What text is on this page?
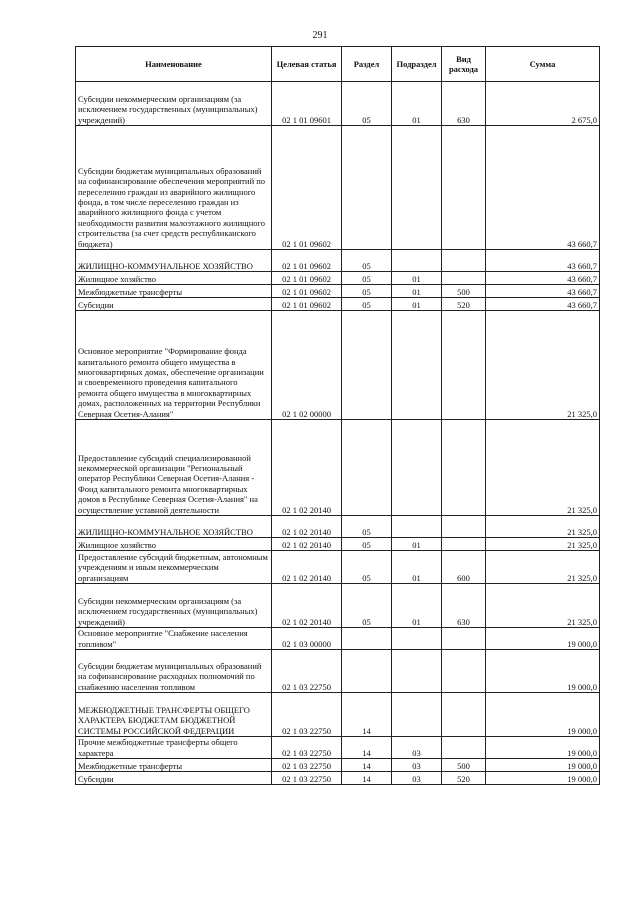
291
Наименование	Целевая статья	Раздел	Подраздел	Вид расхода	Сумма
Субсидии некоммерческим организациям (за исключением государственных (муниципальных) учреждений)	02 1 01 09601	05	01	630	2 675,0
Субсидии бюджетам муниципальных образований на софинансирование обеспечения мероприятий по переселению граждан из аварийного жилищного фонда, в том числе переселению граждан из аварийного жилищного фонда с учетом необходимости развития малоэтажного жилищного строительства (за счет средств республиканского бюджета)	02 1 01 09602				43 660,7
ЖИЛИЩНО-КОММУНАЛЬНОЕ ХОЗЯЙСТВО	02 1 01 09602	05			43 660,7
Жилищное хозяйство	02 1 01 09602	05	01		43 660,7
Межбюджетные трансферты	02 1 01 09602	05	01	500	43 660,7
Субсидии	02 1 01 09602	05	01	520	43 660,7
Основное мероприятие "Формирование фонда капитального ремонта общего имущества в многоквартирных домах, обеспечение организации и своевременного проведения капитального ремонта общего имущества в многоквартирных домах, расположенных на территории Республики Северная Осетия-Алания"	02 1 02 00000				21 325,0
Предоставление субсидий специализированной некоммерческой организации "Региональный оператор Республики Северная Осетия-Алания - Фонд капитального ремонта многоквартирных домов в Республике Северная Осетия-Алания" на осуществление уставной деятельности	02 1 02 20140				21 325,0
ЖИЛИЩНО-КОММУНАЛЬНОЕ ХОЗЯЙСТВО	02 1 02 20140	05			21 325,0
Жилищное хозяйство	02 1 02 20140	05	01		21 325,0
Предоставление субсидий бюджетным, автономным учреждениям и иным некоммерческим организациям	02 1 02 20140	05	01	600	21 325,0
Субсидии некоммерческим организациям (за исключением государственных (муниципальных) учреждений)	02 1 02 20140	05	01	630	21 325,0
Основное мероприятие "Снабжение населения топливом"	02 1 03 00000				19 000,0
Субсидии бюджетам муниципальных образований на софинансирование расходных полномочий по снабжению населения топливом	02 1 03 22750				19 000,0
МЕЖБЮДЖЕТНЫЕ ТРАНСФЕРТЫ ОБЩЕГО ХАРАКТЕРА БЮДЖЕТАМ БЮДЖЕТНОЙ СИСТЕМЫ РОССИЙСКОЙ ФЕДЕРАЦИИ	02 1 03 22750	14			19 000,0
Прочие межбюджетные трансферты общего характера	02 1 03 22750	14	03		19 000,0
Межбюджетные трансферты	02 1 03 22750	14	03	500	19 000,0
Субсидии	02 1 03 22750	14	03	520	19 000,0
